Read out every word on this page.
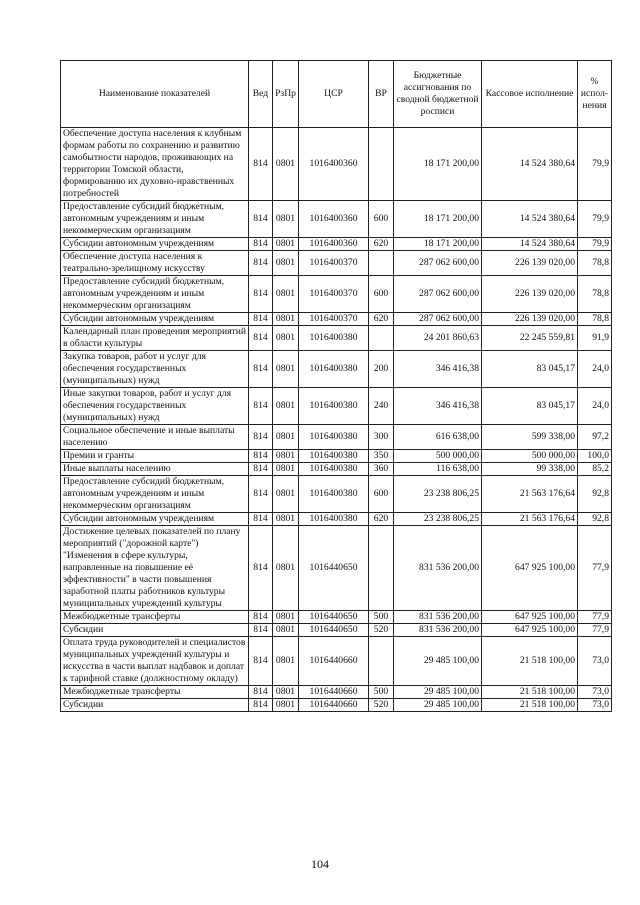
Наименование показателей	Вед	РзПр	ЦСР	ВР	Бюджетные ассигнования по сводной бюджетной росписи	Кассовое исполнение	% испол-нения
Обеспечение доступа населения к клубным формам работы по сохранению и развитию самобытности народов, проживающих на территории Томской области, формированию их духовно-нравственных потребностей	814	0801	1016400360		18 171 200,00	14 524 380,64	79,9
Предоставление субсидий бюджетным, автономным учреждениям и иным некоммерческим организациям	814	0801	1016400360	600	18 171 200,00	14 524 380,64	79,9
Субсидии автономным учреждениям	814	0801	1016400360	620	18 171 200,00	14 524 380,64	79,9
Обеспечение доступа населения к театрально-зрелищному искусству	814	0801	1016400370		287 062 600,00	226 139 020,00	78,8
Предоставление субсидий бюджетным, автономным учреждениям и иным некоммерческим организациям	814	0801	1016400370	600	287 062 600,00	226 139 020,00	78,8
Субсидии автономным учреждениям	814	0801	1016400370	620	287 062 600,00	226 139 020,00	78,8
Календарный план проведения мероприятий в области культуры	814	0801	1016400380		24 201 860,63	22 245 559,81	91,9
Закупка товаров, работ и услуг для обеспечения государственных (муниципальных) нужд	814	0801	1016400380	200	346 416,38	83 045,17	24,0
Иные закупки товаров, работ и услуг для обеспечения государственных (муниципальных) нужд	814	0801	1016400380	240	346 416,38	83 045,17	24,0
Социальное обеспечение и иные выплаты населению	814	0801	1016400380	300	616 638,00	599 338,00	97,2
Премии и гранты	814	0801	1016400380	350	500 000,00	500 000,00	100,0
Иные выплаты населению	814	0801	1016400380	360	116 638,00	99 338,00	85,2
Предоставление субсидий бюджетным, автономным учреждениям и иным некоммерческим организациям	814	0801	1016400380	600	23 238 806,25	21 563 176,64	92,8
Субсидии автономным учреждениям	814	0801	1016400380	620	23 238 806,25	21 563 176,64	92,8
Достижение целевых показателей по плану мероприятий ("дорожной карте") "Изменения в сфере культуры, направленные на повышение её эффективности" в части повышения заработной платы работников культуры муниципальных учреждений культуры	814	0801	1016440650		831 536 200,00	647 925 100,00	77,9
Межбюджетные трансферты	814	0801	1016440650	500	831 536 200,00	647 925 100,00	77,9
Субсидии	814	0801	1016440650	520	831 536 200,00	647 925 100,00	77,9
Оплата труда руководителей и специалистов муниципальных учреждений культуры и искусства в части выплат надбавок и доплат к тарифной ставке (должностному окладу)	814	0801	1016440660		29 485 100,00	21 518 100,00	73,0
Межбюджетные трансферты	814	0801	1016440660	500	29 485 100,00	21 518 100,00	73,0
Субсидии	814	0801	1016440660	520	29 485 100,00	21 518 100,00	73,0
104
